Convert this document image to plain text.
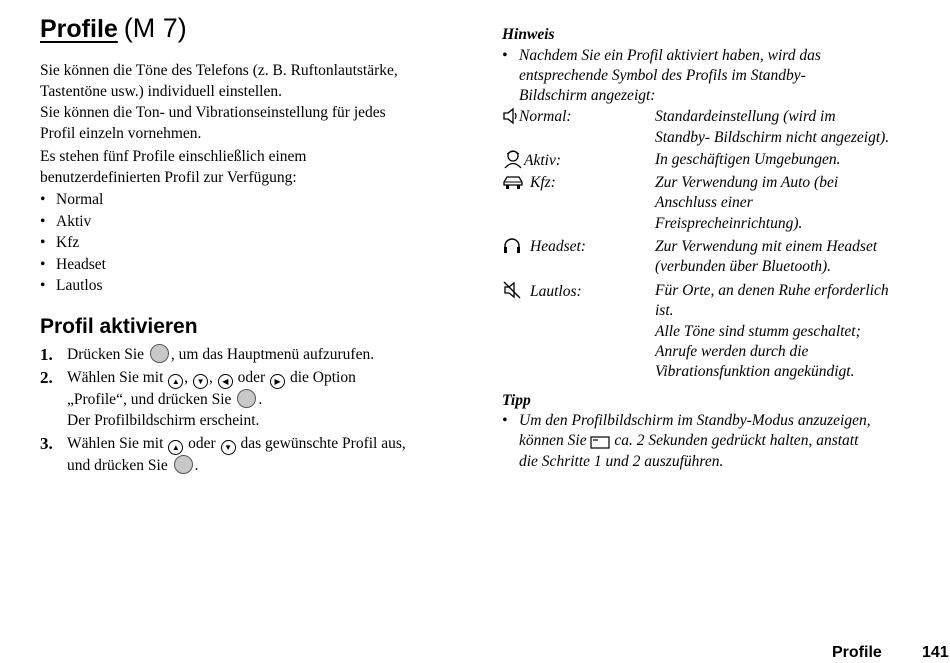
Profile (M 7)
Sie können die Töne des Telefons (z. B. Ruftonlautstärke,
Tastentöne usw.) individuell einstellen.
Sie können die Ton- und Vibrationseinstellung für jedes
Profil einzeln vornehmen.
Es stehen fünf Profile einschließlich einem
benutzerdefinierten Profil zur Verfügung:
• Normal
• Aktiv
• Kfz
• Headset
• Lautlos
Profil aktivieren
1. Drücken Sie , um das Hauptmenü aufzurufen.
2. Wählen Sie mit ▲ , ▼ , ◀ oder ▶ die Option
„Profile“, und drücken Sie .
Der Profilbildschirm erscheint.
3. Wählen Sie mit ▲ oder ▼ das gewünschte Profil aus,
und drücken Sie .
Hinweis
• Nachdem Sie ein Profil aktiviert haben, wird das
entsprechende Symbol des Profils im Standby-
Bildschirm angezeigt:
Normal:	Standardeinstellung (wird im
Standby- Bildschirm nicht angezeigt).
Aktiv:	In geschäftigen Umgebungen.
Kfz:	Zur Verwendung im Auto (bei
Anschluss einer
Freisprecheinrichtung).
Headset:	Zur Verwendung mit einem Headset
(verbunden über Bluetooth).
Lautlos:	Für Orte, an denen Ruhe erforderlich
ist.
Alle Töne sind stumm geschaltet;
Anrufe werden durch die
Vibrationsfunktion angekündigt.
Tipp
• Um den Profilbildschirm im Standby-Modus anzuzeigen,
können Sie ca. 2 Sekunden gedrückt halten, anstatt
die Schritte 1 und 2 auszuführen.
Profile	141
